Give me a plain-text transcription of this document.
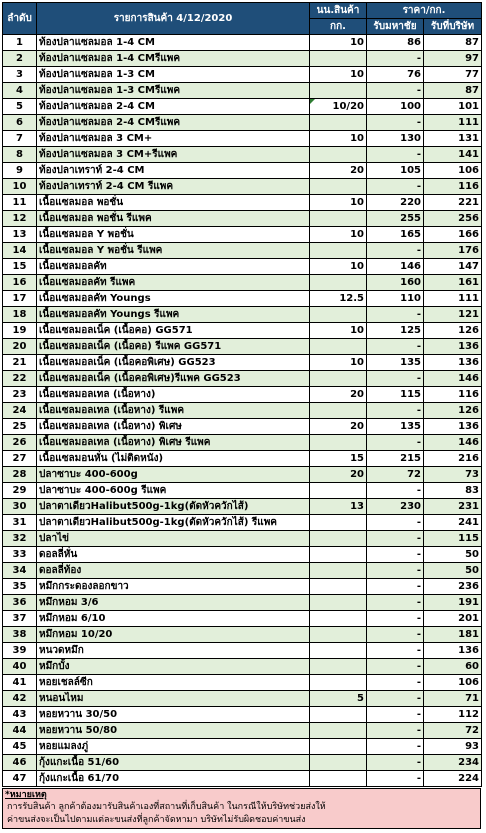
ลำดับ	รายการสินค้า 4/12/2020	นน.สินค้า	ราคา/กก.	
		กก.	รับมหาชัย	รับที่บริษัท
1	ท้องปลาแซลมอล 1-4 CM	10	86	87
2	ท้องปลาแซลมอล 1-4 CMรีแพค		-	97
3	ท้องปลาแซลมอล 1-3 CM	10	76	77
4	ท้องปลาแซลมอล 1-3 CMรีแพค		-	87
5	ท้องปลาแซลมอล 2-4 CM	10/20	100	101
6	ท้องปลาแซลมอล 2-4 CMรีแพค		-	111
7	ท้องปลาแซลมอล 3 CM+	10	130	131
8	ท้องปลาแซลมอล 3 CM+รีแพค		-	141
9	ท้องปลาเทราท์ 2-4 CM	20	105	106
10	ท้องปลาเทราท์ 2-4 CM รีแพค		-	116
11	เนื้อแซลมอล พอชั่น	10	220	221
12	เนื้อแซลมอล พอชั่น รีแพค		255	256
13	เนื้อแซลมอล Y พอชั่น	10	165	166
14	เนื้อแซลมอล Y พอชั่น รีแพค		-	176
15	เนื้อแซลมอลคัท	10	146	147
16	เนื้อแซลมอลคัท รีแพค		160	161
17	เนื้อแซลมอลคัท Youngs	12.5	110	111
18	เนื้อแซลมอลคัท Youngs รีแพค		-	121
19	เนื้อแซลมอลเน็ค (เนื้อคอ) GG571	10	125	126
20	เนื้อแซลมอลเน็ค (เนื้อคอ) รีแพค GG571		-	136
21	เนื้อแซลมอลเน็ค (เนื้อคอพิเศษ) GG523	10	135	136
22	เนื้อแซลมอลเน็ค (เนื้อคอพิเศษ)รีแพค GG523		-	146
23	เนื้อแซลมอลเทล (เนื้อหาง)	20	115	116
24	เนื้อแซลมอลเทล (เนื้อหาง) รีแพค		-	126
25	เนื้อแซลมอลเทล (เนื้อหาง) พิเศษ	20	135	136
26	เนื้อแซลมอลเทล (เนื้อหาง) พิเศษ รีแพค		-	146
27	เนื้อแซลมอนหั่น (ไม่ติดหนัง)	15	215	216
28	ปลาซาบะ 400-600g	20	72	73
29	ปลาซาบะ 400-600g รีแพค		-	83
30	ปลาตาเดียวHalibut500g-1kg(ตัดหัวควักไส้)	13	230	231
31	ปลาตาเดียวHalibut500g-1kg(ตัดหัวควักไส้) รีแพค		-	241
32	ปลาไข่		-	115
33	ดอลลี่หั่น		-	50
34	ดอลลี่ท้อง		-	50
35	หมึกกระดองลอกขาว		-	236
36	หมึกหอม 3/6		-	191
37	หมึกหอม 6/10		-	201
38	หมึกหอม 10/20		-	181
39	หนวดหมึก		-	136
40	หมึกบั้ง		-	60
41	หอยเชลล์ซีก		-	106
42	หนอนไหม	5	-	71
43	หอยหวาน 30/50		-	112
44	หอยหวาน 50/80		-	72
45	หอยแมลงภู่		-	93
46	กุ้งแกะเนื้อ 51/60		-	234
47	กุ้งแกะเนื้อ 61/70		-	224
*หมายเหตุ
การรับสินค้า ลูกค้าต้องมารับสินค้าเองที่สถานที่เก็บสินค้า ในกรณีให้บริษัทช่วยส่งให้
ค่าขนส่งจะเป็นไปตามแต่ละขนส่งที่ลูกค้าจัดหามา บริษัทไม่รับผิดชอบค่าขนส่ง
